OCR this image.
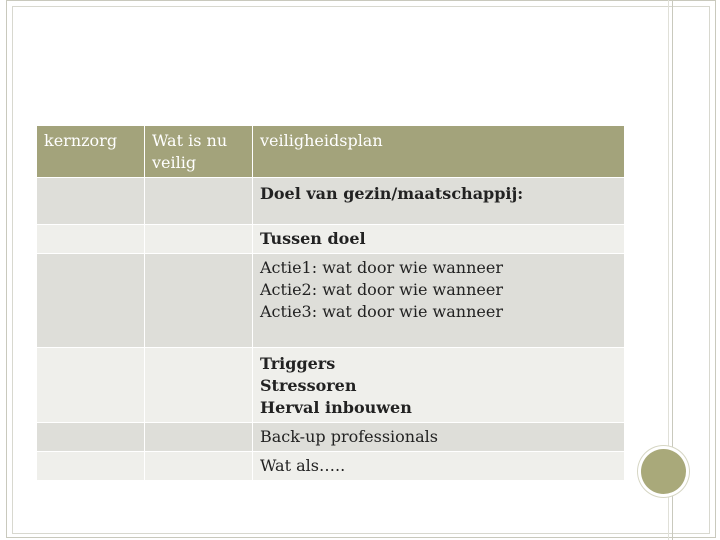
kernzorg	Wat is nu veilig	veiligheidsplan
		Doel van gezin/maatschappij:
		Tussen doel

		Actie1: wat door wie wanneer
Actie2: wat door wie wanneer
Actie3: wat door wie wanneer

		Triggers
Stressoren
Herval inbouwen

		Back-up professionals
		Wat als…..
